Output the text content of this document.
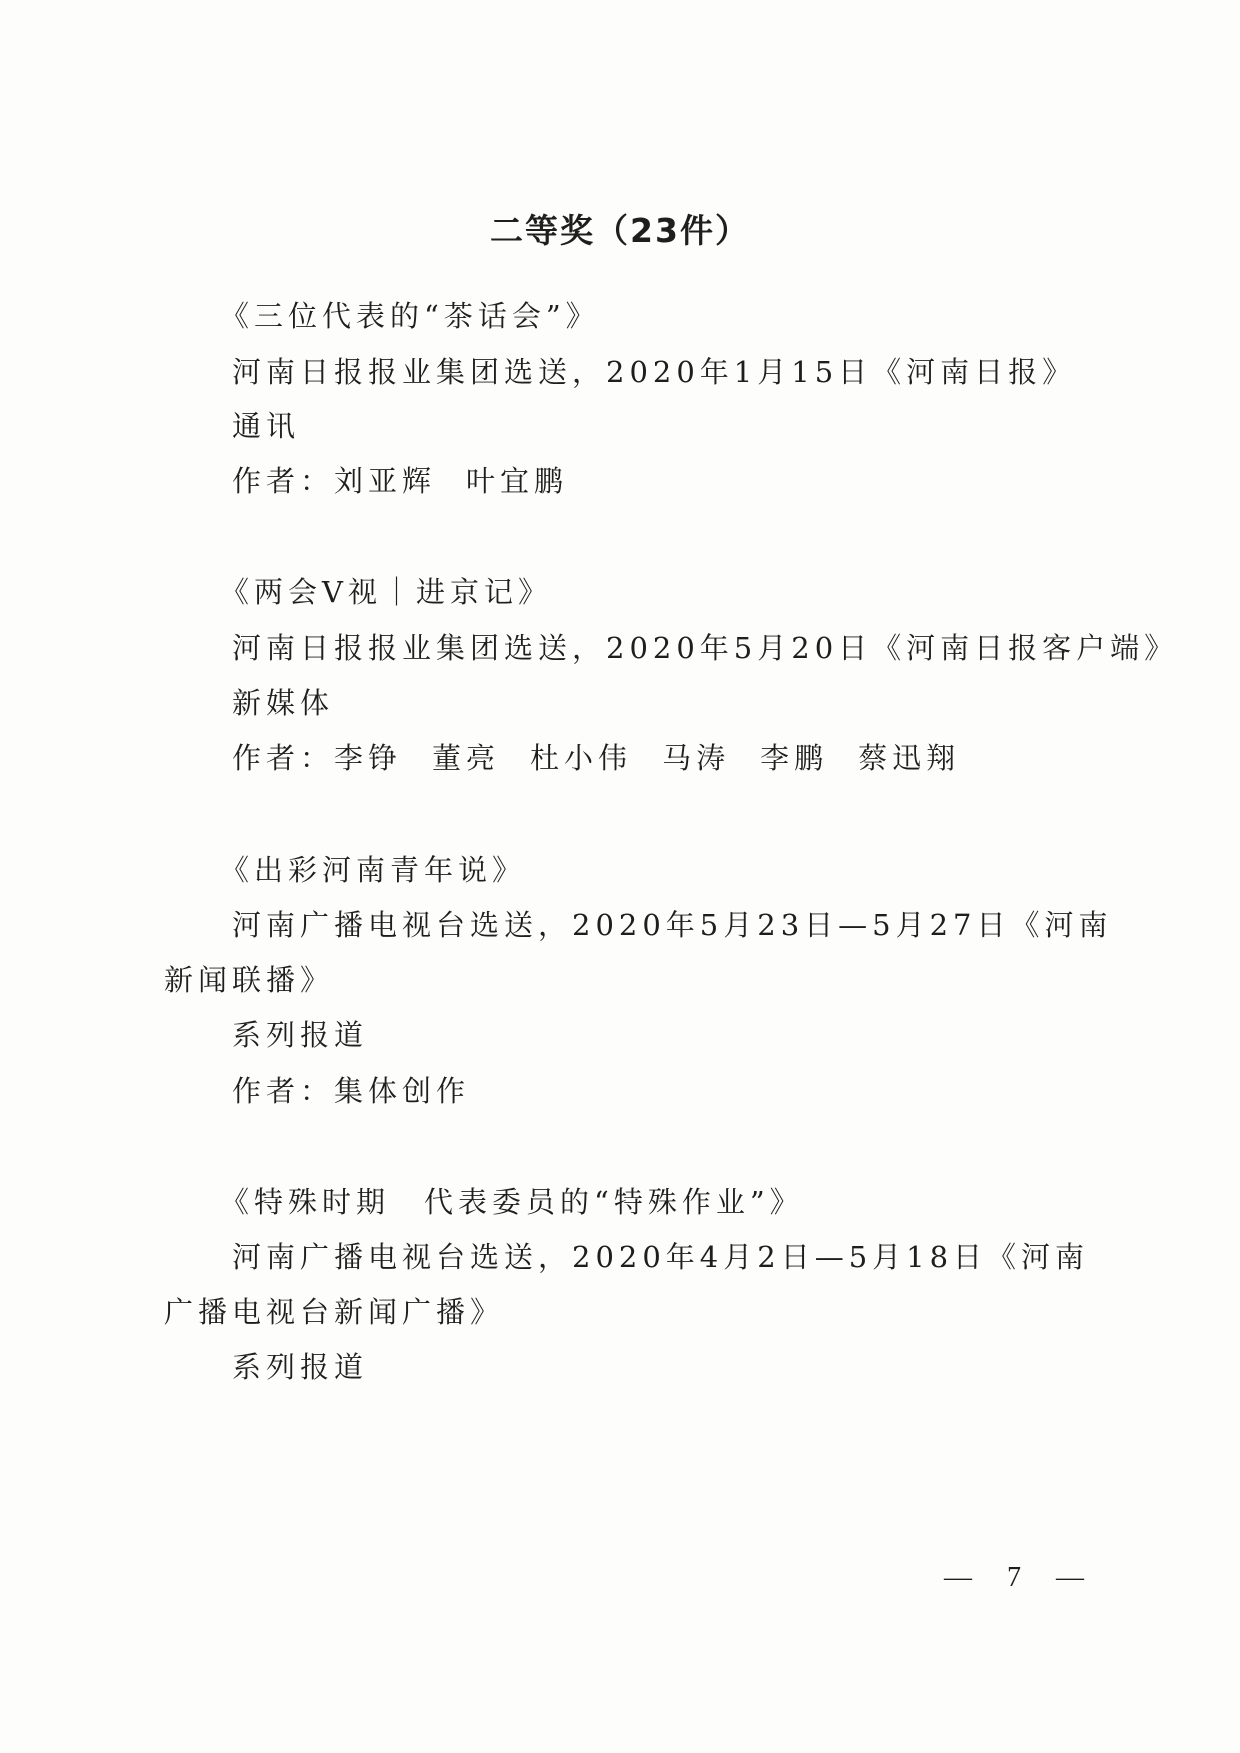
二等奖（23件）
《三位代表的“茶话会”》
河南日报报业集团选送，2020年1月15日《河南日报》
通讯
作者：刘亚辉 叶宜鹏
《两会V视｜进京记》
河南日报报业集团选送，2020年5月20日《河南日报客户端》
新媒体
作者：李铮 董亮 杜小伟 马涛 李鹏 蔡迅翔
《出彩河南青年说》
河南广播电视台选送，2020年5月23日—5月27日《河南
新闻联播》
系列报道
作者：集体创作
《特殊时期　代表委员的“特殊作业”》
河南广播电视台选送，2020年4月2日—5月18日《河南
广播电视台新闻广播》
系列报道
— 7 —
